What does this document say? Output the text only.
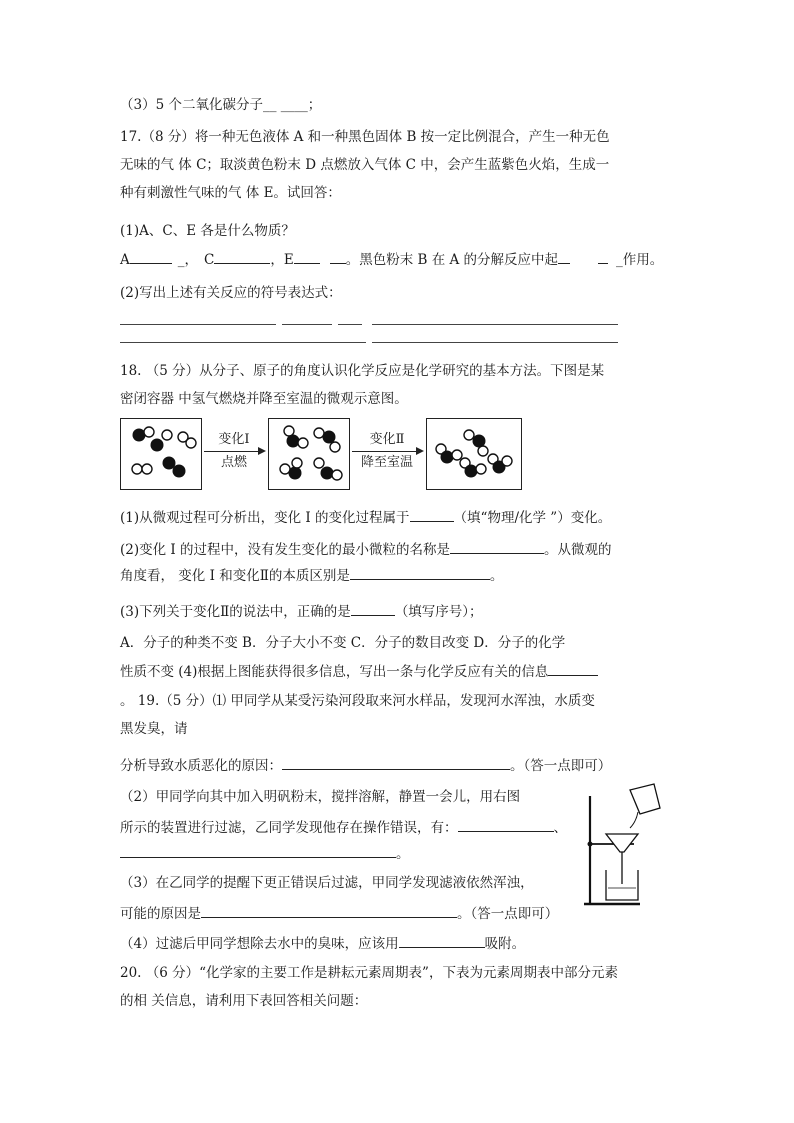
（3）5 个二氧化碳分子__ ____；
17.（8 分）将一种无色液体 A 和一种黑色固体 B 按一定比例混合，产生一种无色
无味的气 体 C；取淡黄色粉末 D 点燃放入气体 C 中，会产生蓝紫色火焰，生成一
种有刺激性气味的气 体 E。试回答：
(1)A、C、E 各是什么物质？
A	_， C	，E	。黑色粉末 B 在 A 的分解反应中起	_作用。
(2)写出上述有关反应的符号表达式：
18. （5 分）从分子、原子的角度认识化学反应是化学研究的基本方法。下图是某
密闭容器 中氢气燃烧并降至室温的微观示意图。
变化Ⅰ
点燃
变化Ⅱ
降至室温
(1)从微观过程可分析出，变化 I 的变化过程属于	（填“物理/化学 ”）变化。
(2)变化 I 的过程中，没有发生变化的最小微粒的名称是	。从微观的
角度看， 变化 I 和变化Ⅱ的本质区别是	。
(3)下列关于变化Ⅱ的说法中，正确的是	（填写序号）；
A．分子的种类不变 B．分子大小不变 C．分子的数目改变 D．分子的化学
性质不变 (4)根据上图能获得很多信息，写出一条与化学反应有关的信息
。 19.（5 分）⑴ 甲同学从某受污染河段取来河水样品，发现河水浑浊，水质变
黑发臭，请
分析导致水质恶化的原因：	。（答一点即可）
（2）甲同学向其中加入明矾粉末，搅拌溶解，静置一会儿，用右图
所示的装置进行过滤，乙同学发现他存在操作错误，有：	、
。
（3）在乙同学的提醒下更正错误后过滤，甲同学发现滤液依然浑浊，
可能的原因是	。（答一点即可）
（4）过滤后甲同学想除去水中的臭味，应该用	吸附。
20. （6 分）“化学家的主要工作是耕耘元素周期表”，下表为元素周期表中部分元素
的相 关信息，请利用下表回答相关问题：
